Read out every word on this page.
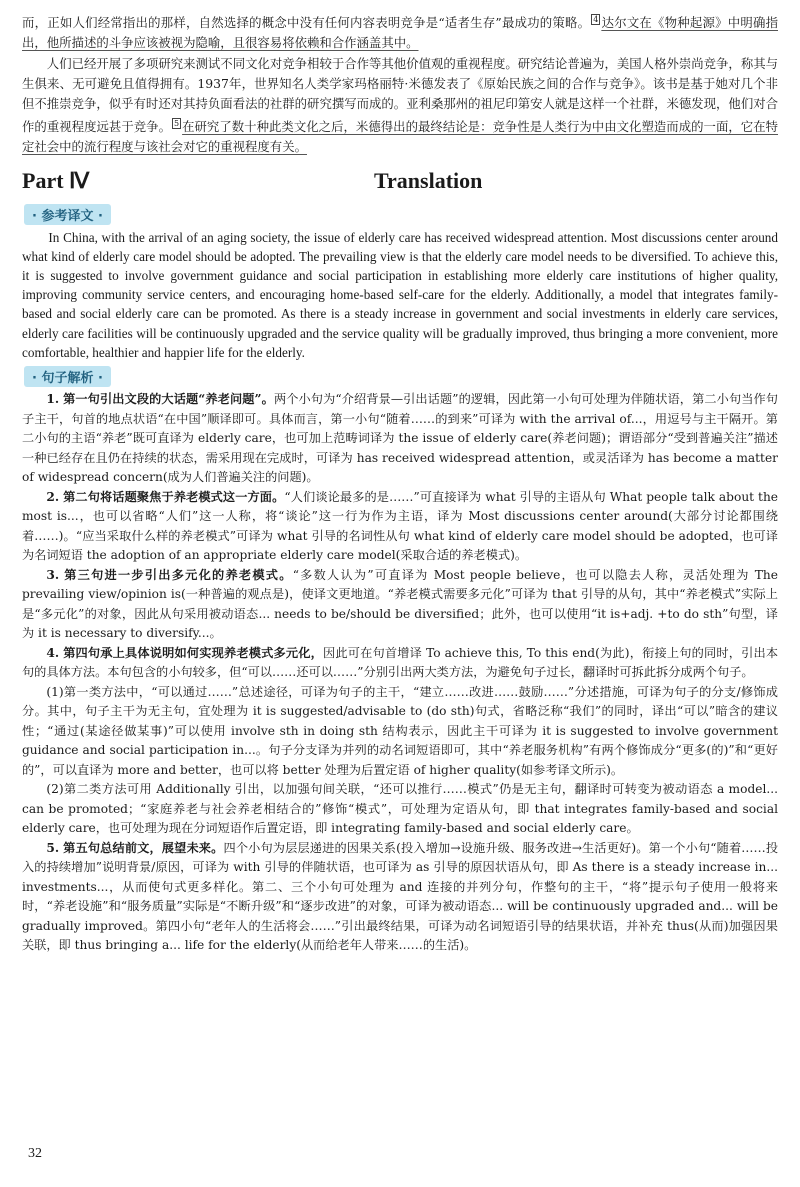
而，正如人们经常指出的那样，自然选择的概念中没有任何内容表明竞争是“适者生存”最成功的策略。 $^4$ 达尔文在《物种起源》中明确指出，他所描述的斗争应该被视为隐喻，且很容易将依赖和合作涵盖其中。

人们已经开展了多项研究来测试不同文化对竞争相较于合作等其他价值观的重视程度。研究结论普遍为，美国人格外崇尚竞争，称其与生俱来、无可避免且值得拥有。1937年，世界知名人类学家玛格丽特·米德发表了《原始民族之间的合作与竞争》。该书是基于她对几个非但不推崇竞争，似乎有时还对其持负面看法的社群的研究撰写而成的。亚利桑那州的祖尼印第安人就是这样一个社群，米德发现，他们对合作的重视程度远甚于竞争。 $^5$ 在研究了数十种此类文化之后，米德得出的最终结论是：竞争性是人类行为中由文化塑造而成的一面，它在特定社会中的流行程度与该社会对它的重视程度有关。

Part Ⅳ	Translation
· 参考译文 ·

In China, with the arrival of an aging society, the issue of elderly care has received widespread attention. Most discussions center around what kind of elderly care model should be adopted. The prevailing view is that the elderly care model needs to be diversified. To achieve this, it is suggested to involve government guidance and social participation in establishing more elderly care institutions of higher quality, improving community service centers, and encouraging home-based self-care for the elderly. Additionally, a model that integrates family-based and social elderly care can be promoted. As there is a steady increase in government and social investments in elderly care services, elderly care facilities will be continuously upgraded and the service quality will be gradually improved, thus bringing a more convenient, more comfortable, healthier and happier life for the elderly.

· 句子解析 ·

1. 第一句引出文段的大话题“养老问题”。两个小句为“介绍背景—引出话题”的逻辑，因此第一小句可处理为伴随状语，第二小句当作句子主干，句首的地点状语“在中国”顺译即可。具体而言，第一小句“随着……的到来”可译为 with the arrival of...，用逗号与主干隔开。第二小句的主语“养老”既可直译为 elderly care，也可加上范畴词译为 the issue of elderly care(养老问题)；谓语部分“受到普遍关注”描述一种已经存在且仍在持续的状态，需采用现在完成时，可译为 has received widespread attention，或灵活译为 has become a matter of widespread concern(成为人们普遍关注的问题)。

2. 第二句将话题聚焦于养老模式这一方面。“人们谈论最多的是……”可直接译为 what 引导的主语从句 What people talk about the most is...，也可以省略“人们”这一人称，将“谈论”这一行为作为主语，译为 Most discussions center around(大部分讨论都围绕着……)。“应当采取什么样的养老模式”可译为 what 引导的名词性从句 what kind of elderly care model should be adopted，也可译为名词短语 the adoption of an appropriate elderly care model(采取合适的养老模式)。

3. 第三句进一步引出多元化的养老模式。“多数人认为”可直译为 Most people believe，也可以隐去人称，灵活处理为 The prevailing view/opinion is(一种普遍的观点是)，使译文更地道。“养老模式需要多元化”可译为 that 引导的从句，其中“养老模式”实际上是“多元化”的对象，因此从句采用被动语态... needs to be/should be diversified；此外，也可以使用“it is+adj. +to do sth”句型，译为 it is necessary to diversify...。

4. 第四句承上具体说明如何实现养老模式多元化，因此可在句首增译 To achieve this, To this end(为此)，衔接上句的同时，引出本句的具体方法。本句包含的小句较多，但“可以……还可以……”分别引出两大类方法，为避免句子过长，翻译时可拆此拆分成两个句子。

(1)第一类方法中，“可以通过……”总述途径，可译为句子的主干，“建立……改进……鼓励……”分述措施，可译为句子的分支/修饰成分。其中，句子主干为无主句，宜处理为 it is suggested/advisable to (do sth)句式，省略泛称“我们”的同时，译出“可以”暗含的建议性；“通过(某途径做某事)”可以使用 involve sth in doing sth 结构表示，因此主干可译为 it is suggested to involve government guidance and social participation in...。句子分支译为并列的动名词短语即可，其中“养老服务机构”有两个修饰成分“更多(的)”和“更好的”，可以直译为 more and better，也可以将 better 处理为后置定语 of higher quality(如参考译文所示)。

(2)第二类方法可用 Additionally 引出，以加强句间关联，“还可以推行……模式”仍是无主句，翻译时可转变为被动语态 a model... can be promoted；“家庭养老与社会养老相结合的”修饰“模式”，可处理为定语从句，即 that integrates family-based and social elderly care，也可处理为现在分词短语作后置定语，即 integrating family-based and social elderly care。

5. 第五句总结前文，展望未来。四个小句为层层递进的因果关系(投入增加→设施升级、服务改进→生活更好)。第一个小句“随着……投入的持续增加”说明背景/原因，可译为 with 引导的伴随状语，也可译为 as 引导的原因状语从句，即 As there is a steady increase in... investments...，从而使句式更多样化。第二、三个小句可处理为 and 连接的并列分句，作整句的主干，“将”提示句子使用一般将来时，“养老设施”和“服务质量”实际是“不断升级”和“逐步改进”的对象，可译为被动语态... will be continuously upgraded and... will be gradually improved。第四小句“老年人的生活将会……”引出最终结果，可译为动名词短语引导的结果状语，并补充 thus(从而)加强因果关联，即 thus bringing a... life for the elderly(从而给老年人带来……的生活)。

32
